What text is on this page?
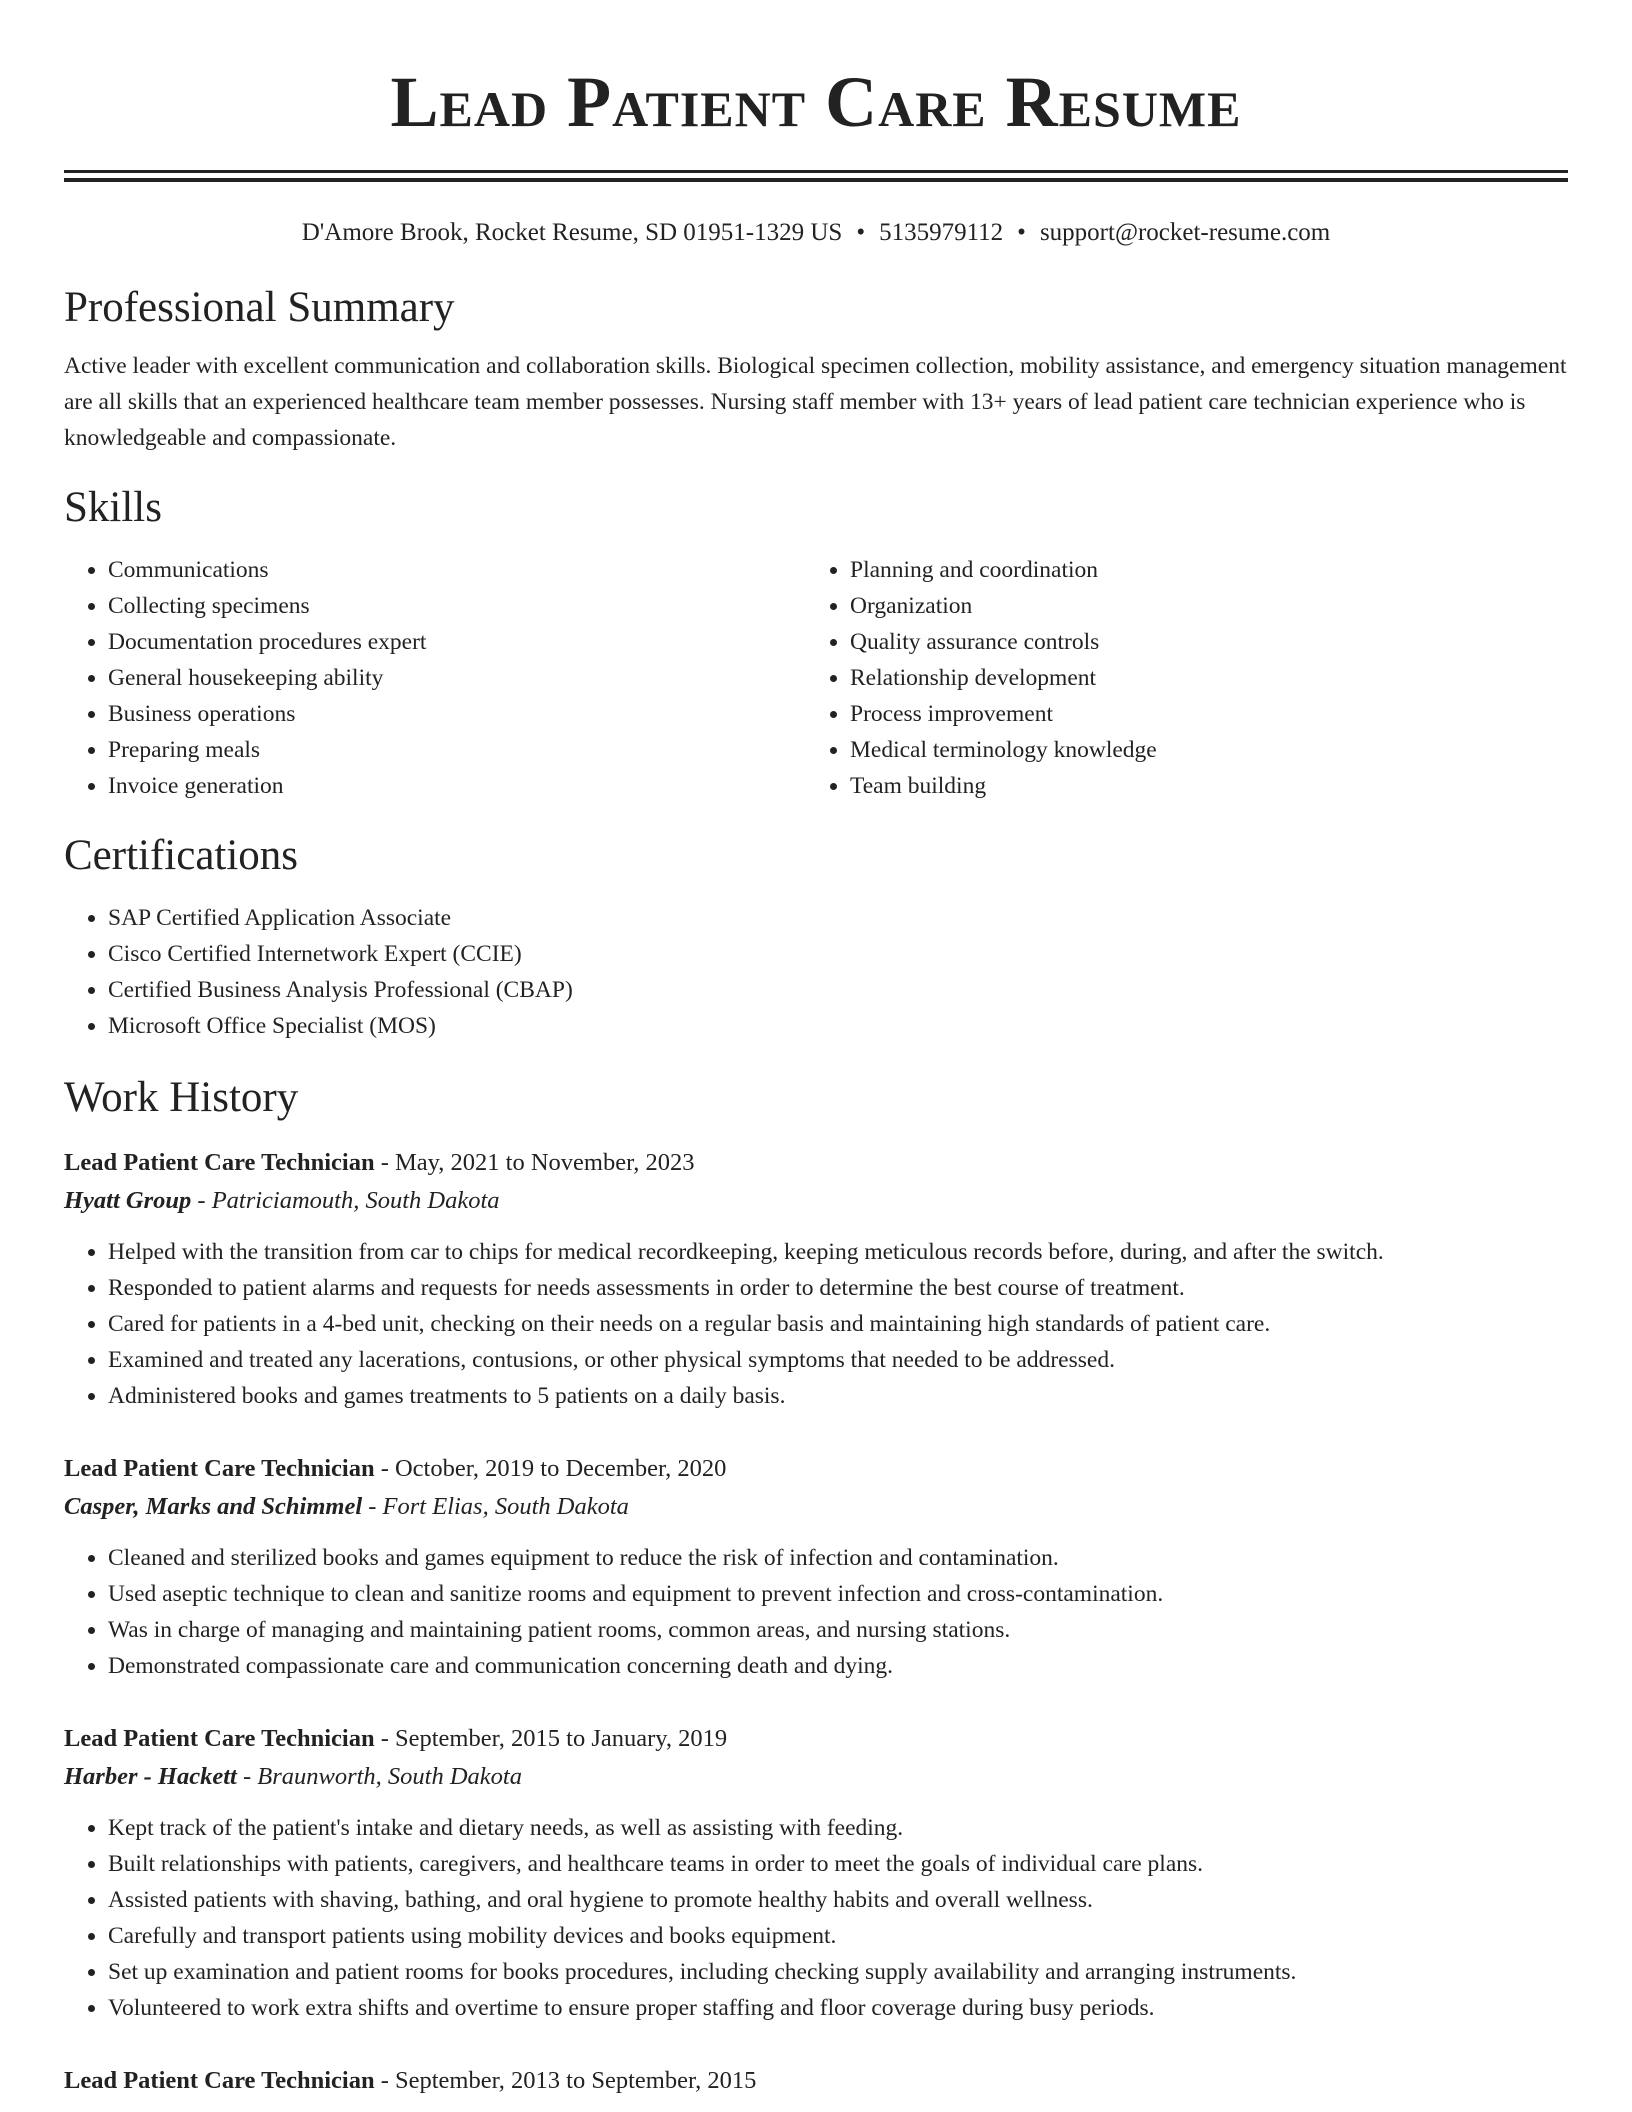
Lead Patient Care Resume
D'Amore Brook, Rocket Resume, SD 01951-1329 US • 5135979112 • support@rocket-resume.com
Professional Summary
Active leader with excellent communication and collaboration skills. Biological specimen collection, mobility assistance, and emergency situation management are all skills that an experienced healthcare team member possesses. Nursing staff member with 13+ years of lead patient care technician experience who is knowledgeable and compassionate.
Skills
• Communications
• Collecting specimens
• Documentation procedures expert
• General housekeeping ability
• Business operations
• Preparing meals
• Invoice generation
• Planning and coordination
• Organization
• Quality assurance controls
• Relationship development
• Process improvement
• Medical terminology knowledge
• Team building
Certifications
• SAP Certified Application Associate
• Cisco Certified Internetwork Expert (CCIE)
• Certified Business Analysis Professional (CBAP)
• Microsoft Office Specialist (MOS)
Work History
Lead Patient Care Technician - May, 2021 to November, 2023
Hyatt Group - Patriciamouth, South Dakota
• Helped with the transition from car to chips for medical recordkeeping, keeping meticulous records before, during, and after the switch.
• Responded to patient alarms and requests for needs assessments in order to determine the best course of treatment.
• Cared for patients in a 4-bed unit, checking on their needs on a regular basis and maintaining high standards of patient care.
• Examined and treated any lacerations, contusions, or other physical symptoms that needed to be addressed.
• Administered books and games treatments to 5 patients on a daily basis.
Lead Patient Care Technician - October, 2019 to December, 2020
Casper, Marks and Schimmel - Fort Elias, South Dakota
• Cleaned and sterilized books and games equipment to reduce the risk of infection and contamination.
• Used aseptic technique to clean and sanitize rooms and equipment to prevent infection and cross-contamination.
• Was in charge of managing and maintaining patient rooms, common areas, and nursing stations.
• Demonstrated compassionate care and communication concerning death and dying.
Lead Patient Care Technician - September, 2015 to January, 2019
Harber - Hackett - Braunworth, South Dakota
• Kept track of the patient's intake and dietary needs, as well as assisting with feeding.
• Built relationships with patients, caregivers, and healthcare teams in order to meet the goals of individual care plans.
• Assisted patients with shaving, bathing, and oral hygiene to promote healthy habits and overall wellness.
• Carefully and transport patients using mobility devices and books equipment.
• Set up examination and patient rooms for books procedures, including checking supply availability and arranging instruments.
• Volunteered to work extra shifts and overtime to ensure proper staffing and floor coverage during busy periods.
Lead Patient Care Technician - September, 2013 to September, 2015
